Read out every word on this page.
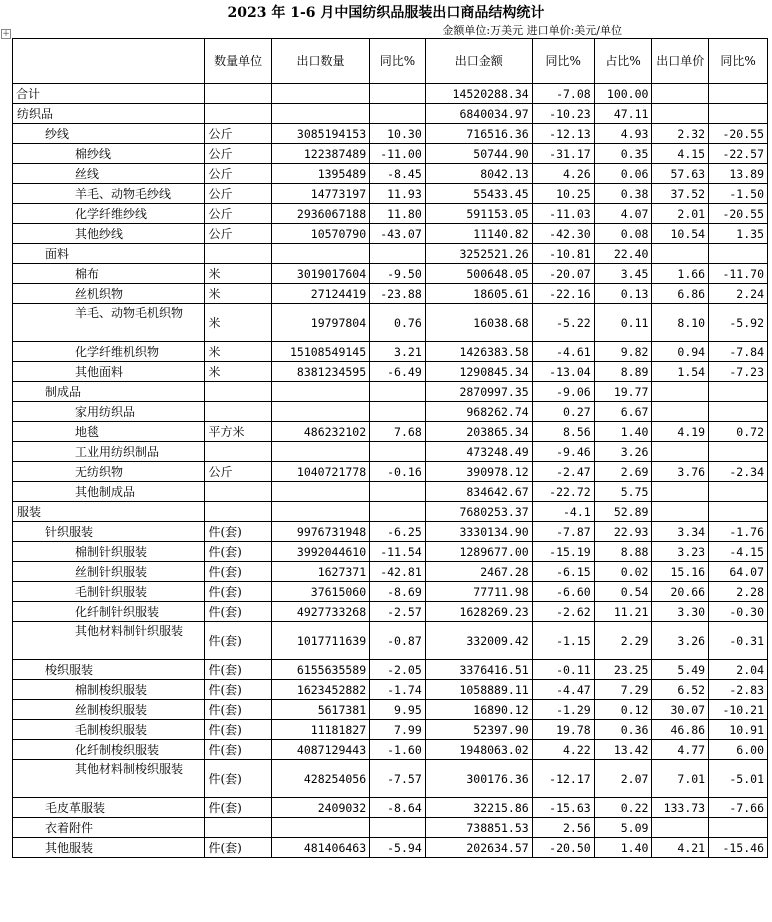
2023 年 1-6 月中国纺织品服装出口商品结构统计
金额单位:万美元 进口单价:美元/单位
+
	数量单位	出口数量	同比%	出口金额	同比%	占比%	出口单价	同比%
合计				14520288.34	-7.08	100.00		
纺织品				6840034.97	-10.23	47.11		
纱线	公斤	3085194153	10.30	716516.36	-12.13	4.93	2.32	-20.55
棉纱线	公斤	122387489	-11.00	50744.90	-31.17	0.35	4.15	-22.57
丝线	公斤	1395489	-8.45	8042.13	4.26	0.06	57.63	13.89
羊毛、动物毛纱线	公斤	14773197	11.93	55433.45	10.25	0.38	37.52	-1.50
化学纤维纱线	公斤	2936067188	11.80	591153.05	-11.03	4.07	2.01	-20.55
其他纱线	公斤	10570790	-43.07	11140.82	-42.30	0.08	10.54	1.35
面料				3252521.26	-10.81	22.40		
棉布	米	3019017604	-9.50	500648.05	-20.07	3.45	1.66	-11.70
丝机织物	米	27124419	-23.88	18605.61	-22.16	0.13	6.86	2.24
羊毛、动物毛机织物	米	19797804	0.76	16038.68	-5.22	0.11	8.10	-5.92
化学纤维机织物	米	15108549145	3.21	1426383.58	-4.61	9.82	0.94	-7.84
其他面料	米	8381234595	-6.49	1290845.34	-13.04	8.89	1.54	-7.23
制成品				2870997.35	-9.06	19.77		
家用纺织品				968262.74	0.27	6.67		
地毯	平方米	486232102	7.68	203865.34	8.56	1.40	4.19	0.72
工业用纺织制品				473248.49	-9.46	3.26		
无纺织物	公斤	1040721778	-0.16	390978.12	-2.47	2.69	3.76	-2.34
其他制成品				834642.67	-22.72	5.75		
服装				7680253.37	-4.1	52.89		
针织服装	件(套)	9976731948	-6.25	3330134.90	-7.87	22.93	3.34	-1.76
棉制针织服装	件(套)	3992044610	-11.54	1289677.00	-15.19	8.88	3.23	-4.15
丝制针织服装	件(套)	1627371	-42.81	2467.28	-6.15	0.02	15.16	64.07
毛制针织服装	件(套)	37615060	-8.69	77711.98	-6.60	0.54	20.66	2.28
化纤制针织服装	件(套)	4927733268	-2.57	1628269.23	-2.62	11.21	3.30	-0.30
其他材料制针织服装	件(套)	1017711639	-0.87	332009.42	-1.15	2.29	3.26	-0.31
梭织服装	件(套)	6155635589	-2.05	3376416.51	-0.11	23.25	5.49	2.04
棉制梭织服装	件(套)	1623452882	-1.74	1058889.11	-4.47	7.29	6.52	-2.83
丝制梭织服装	件(套)	5617381	9.95	16890.12	-1.29	0.12	30.07	-10.21
毛制梭织服装	件(套)	11181827	7.99	52397.90	19.78	0.36	46.86	10.91
化纤制梭织服装	件(套)	4087129443	-1.60	1948063.02	4.22	13.42	4.77	6.00
其他材料制梭织服装	件(套)	428254056	-7.57	300176.36	-12.17	2.07	7.01	-5.01
毛皮革服装	件(套)	2409032	-8.64	32215.86	-15.63	0.22	133.73	-7.66
衣着附件				738851.53	2.56	5.09		
其他服装	件(套)	481406463	-5.94	202634.57	-20.50	1.40	4.21	-15.46
